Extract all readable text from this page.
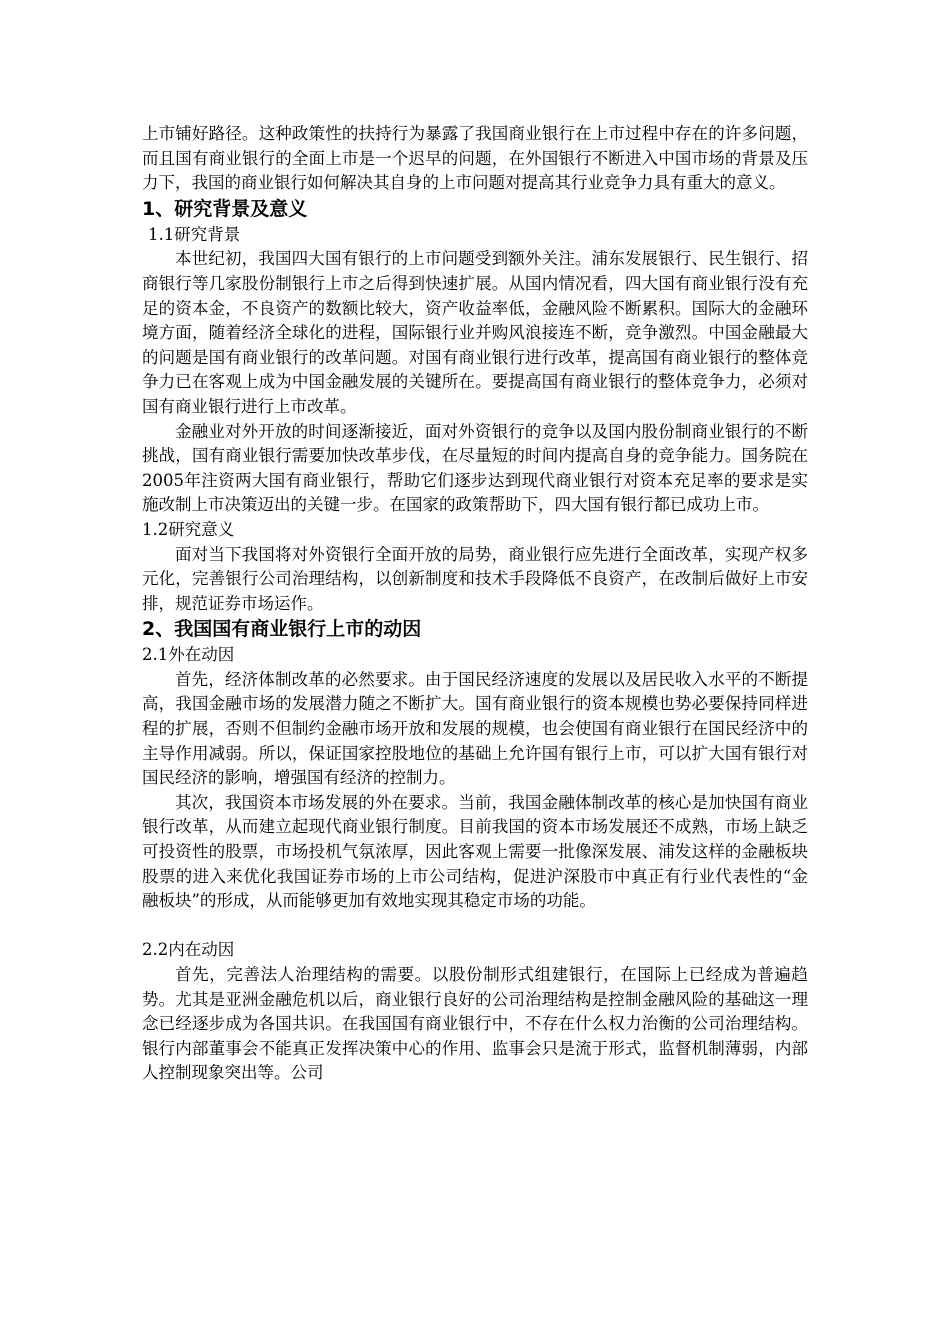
上市铺好路径。这种政策性的扶持行为暴露了我国商业银行在上市过程中存在的许多问题，而且国有商业银行的全面上市是一个迟早的问题，在外国银行不断进入中国市场的背景及压力下，我国的商业银行如何解决其自身的上市问题对提高其行业竞争力具有重大的意义。

1、研究背景及意义
1.1研究背景

本世纪初，我国四大国有银行的上市问题受到额外关注。浦东发展银行、民生银行、招商银行等几家股份制银行上市之后得到快速扩展。从国内情况看，四大国有商业银行没有充足的资本金，不良资产的数额比较大，资产收益率低，金融风险不断累积。国际大的金融环境方面，随着经济全球化的进程，国际银行业并购风浪接连不断，竞争激烈。中国金融最大的问题是国有商业银行的改革问题。对国有商业银行进行改革，提高国有商业银行的整体竞争力已在客观上成为中国金融发展的关键所在。要提高国有商业银行的整体竞争力，必须对国有商业银行进行上市改革。

金融业对外开放的时间逐渐接近，面对外资银行的竞争以及国内股份制商业银行的不断挑战，国有商业银行需要加快改革步伐，在尽量短的时间内提高自身的竞争能力。国务院在2005年注资两大国有商业银行，帮助它们逐步达到现代商业银行对资本充足率的要求是实施改制上市决策迈出的关键一步。在国家的政策帮助下，四大国有银行都已成功上市。

1.2研究意义

面对当下我国将对外资银行全面开放的局势，商业银行应先进行全面改革，实现产权多元化，完善银行公司治理结构，以创新制度和技术手段降低不良资产，在改制后做好上市安排，规范证券市场运作。

2、我国国有商业银行上市的动因
2.1外在动因

首先，经济体制改革的必然要求。由于国民经济速度的发展以及居民收入水平的不断提高，我国金融市场的发展潜力随之不断扩大。国有商业银行的资本规模也势必要保持同样进程的扩展，否则不但制约金融市场开放和发展的规模，也会使国有商业银行在国民经济中的主导作用减弱。所以，保证国家控股地位的基础上允许国有银行上市，可以扩大国有银行对国民经济的影响，增强国有经济的控制力。

其次，我国资本市场发展的外在要求。当前，我国金融体制改革的核心是加快国有商业银行改革，从而建立起现代商业银行制度。目前我国的资本市场发展还不成熟，市场上缺乏可投资性的股票，市场投机气氛浓厚，因此客观上需要一批像深发展、浦发这样的金融板块股票的进入来优化我国证券市场的上市公司结构，促进沪深股市中真正有行业代表性的“金融板块”的形成，从而能够更加有效地实现其稳定市场的功能。

2.2内在动因

首先，完善法人治理结构的需要。以股份制形式组建银行，在国际上已经成为普遍趋势。尤其是亚洲金融危机以后，商业银行良好的公司治理结构是控制金融风险的基础这一理念已经逐步成为各国共识。在我国国有商业银行中，不存在什么权力治衡的公司治理结构。银行内部董事会不能真正发挥决策中心的作用、监事会只是流于形式，监督机制薄弱，内部人控制现象突出等。公司
